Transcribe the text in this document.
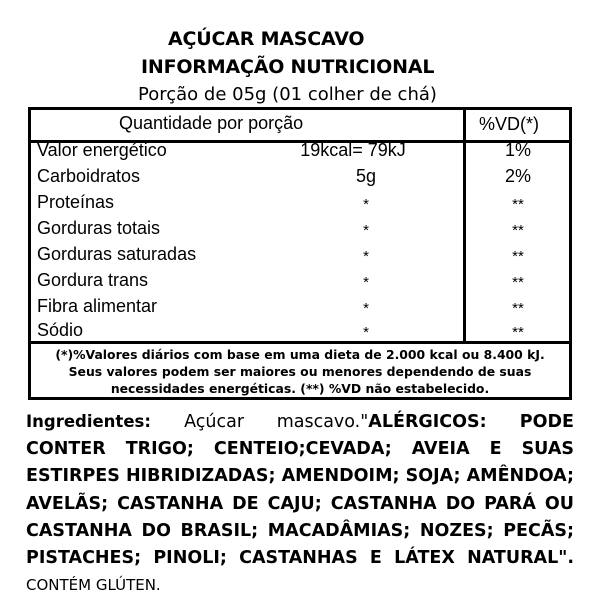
AÇÚCAR MASCAVO
INFORMAÇÃO NUTRICIONAL
Porção de 05g (01 colher de chá)
Quantidade por porção	%VD(*)
Valor energético	19kcal= 79kJ	1%
Carboidratos	5g	2%
Proteínas	*	**
Gorduras totais	*	**
Gorduras saturadas	*	**
Gordura trans	*	**
Fibra alimentar	*	**
Sódio	*	**
(*)%Valores diários com base em uma dieta de 2.000 kcal ou 8.400 kJ.
Seus valores podem ser maiores ou menores dependendo de suas
necessidades energéticas. (**) %VD não estabelecido.
Ingredientes: Açúcar mascavo."ALÉRGICOS: PODE CONTER TRIGO; CENTEIO;CEVADA; AVEIA E SUAS ESTIRPES HIBRIDIZADAS; AMENDOIM; SOJA; AMÊNDOA; AVELÃS; CASTANHA DE CAJU; CASTANHA DO PARÁ OU CASTANHA DO BRASIL; MACADÂMIAS; NOZES; PECÃS; PISTACHES; PINOLI; CASTANHAS E LÁTEX NATURAL". CONTÉM GLÚTEN.
